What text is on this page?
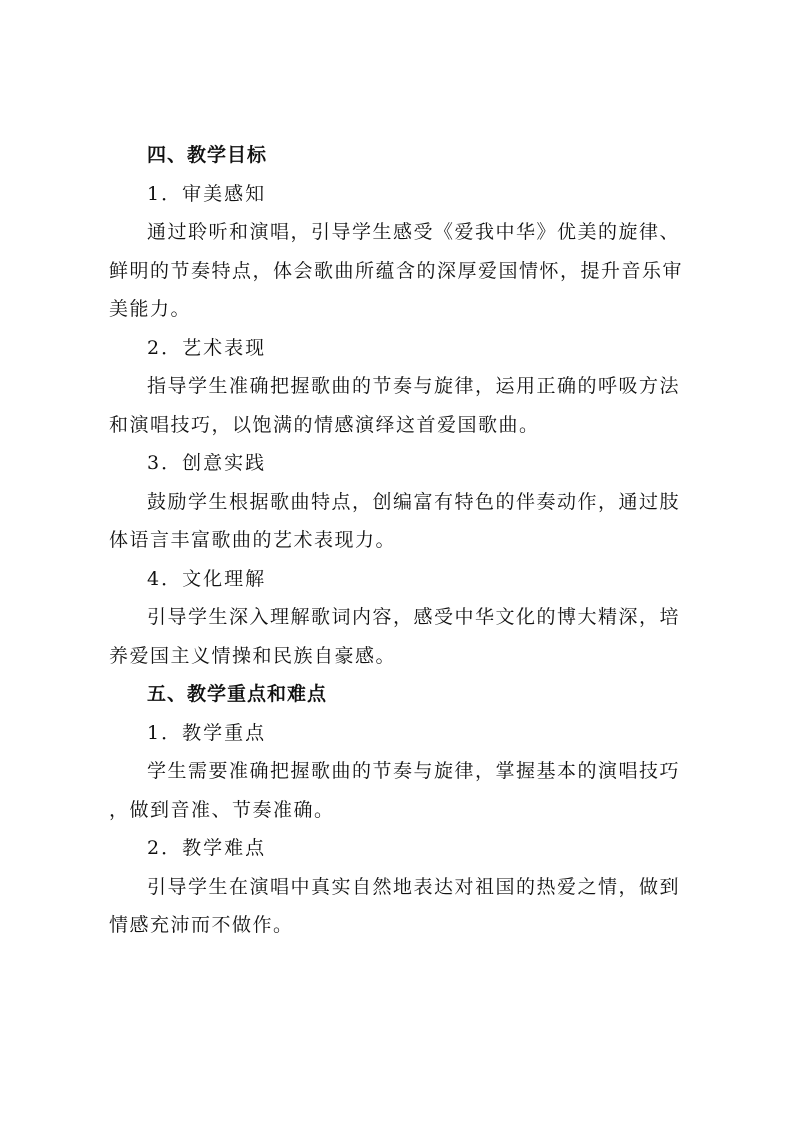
四、教学目标
1．审美感知
通过聆听和演唱，引导学生感受《爱我中华》优美的旋律、
鲜明的节奏特点，体会歌曲所蕴含的深厚爱国情怀，提升音乐审
美能力。
2．艺术表现
指导学生准确把握歌曲的节奏与旋律，运用正确的呼吸方法
和演唱技巧，以饱满的情感演绎这首爱国歌曲。
3．创意实践
鼓励学生根据歌曲特点，创编富有特色的伴奏动作，通过肢
体语言丰富歌曲的艺术表现力。
4．文化理解
引导学生深入理解歌词内容，感受中华文化的博大精深，培
养爱国主义情操和民族自豪感。
五、教学重点和难点
1．教学重点
学生需要准确把握歌曲的节奏与旋律，掌握基本的演唱技巧
，做到音准、节奏准确。
2．教学难点
引导学生在演唱中真实自然地表达对祖国的热爱之情，做到
情感充沛而不做作。
